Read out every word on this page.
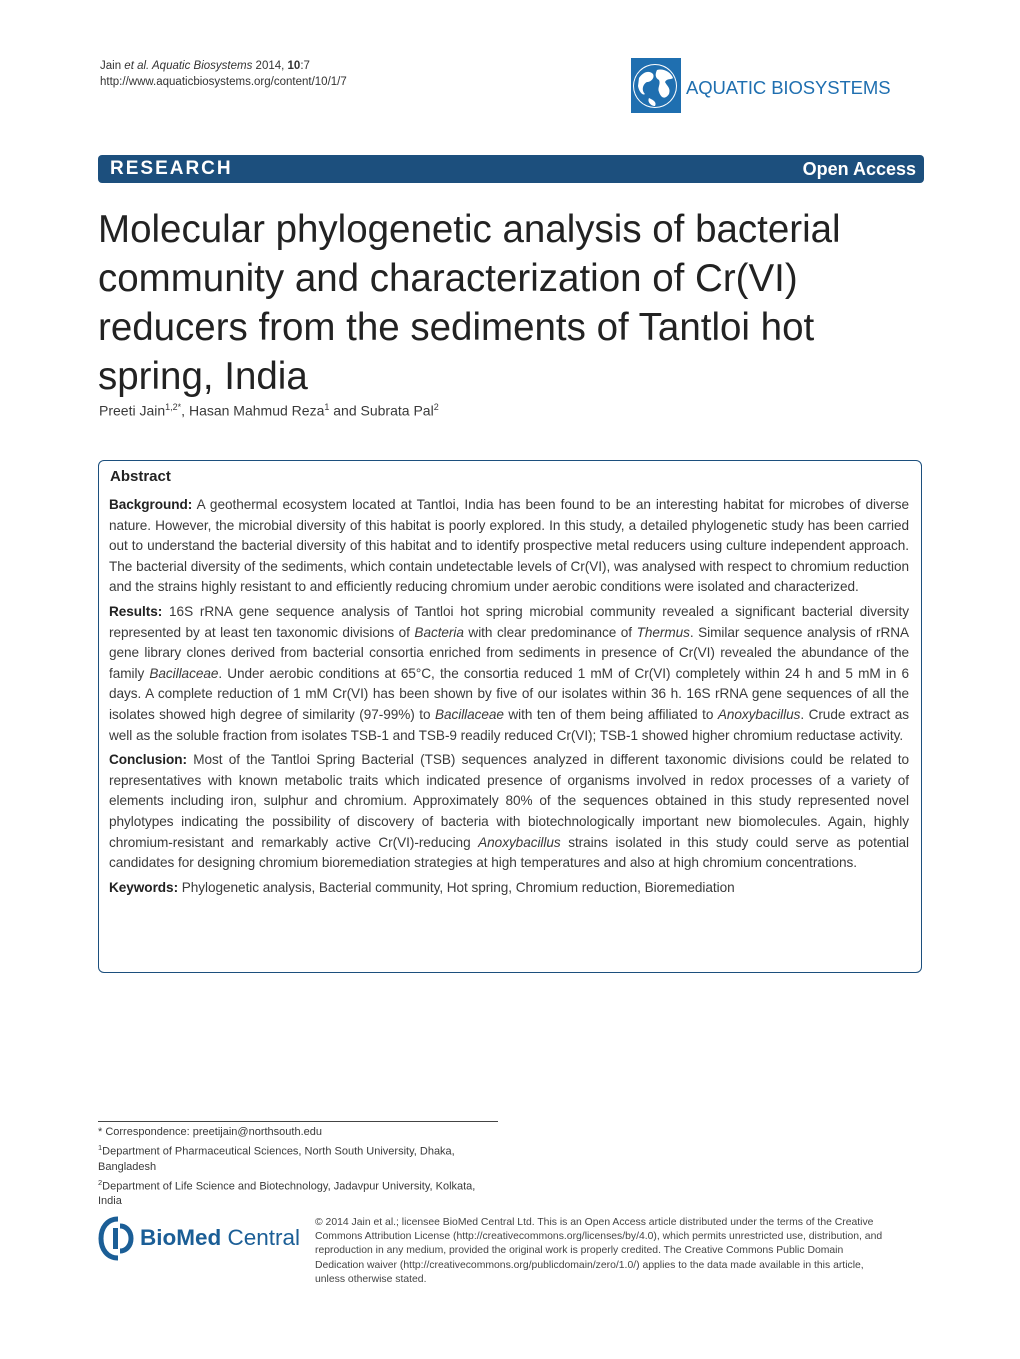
Jain et al. Aquatic Biosystems 2014, 10:7
http://www.aquaticbiosystems.org/content/10/1/7	AQUATIC BIOSYSTEMS
RESEARCH	Open Access
Molecular phylogenetic analysis of bacterial community and characterization of Cr(VI) reducers from the sediments of Tantloi hot spring, India
Preeti Jain$^{1,2*}$, Hasan Mahmud Reza$^1$ and Subrata Pal$^2$
Abstract

Background: A geothermal ecosystem located at Tantloi, India has been found to be an interesting habitat for microbes of diverse nature. However, the microbial diversity of this habitat is poorly explored. In this study, a detailed phylogenetic study has been carried out to understand the bacterial diversity of this habitat and to identify prospective metal reducers using culture independent approach. The bacterial diversity of the sediments, which contain undetectable levels of Cr(VI), was analysed with respect to chromium reduction and the strains highly resistant to and efficiently reducing chromium under aerobic conditions were isolated and characterized.

Results: 16S rRNA gene sequence analysis of Tantloi hot spring microbial community revealed a significant bacterial diversity represented by at least ten taxonomic divisions of Bacteria with clear predominance of Thermus. Similar sequence analysis of rRNA gene library clones derived from bacterial consortia enriched from sediments in presence of Cr(VI) revealed the abundance of the family Bacillaceae. Under aerobic conditions at 65°C, the consortia reduced 1 mM of Cr(VI) completely within 24 h and 5 mM in 6 days. A complete reduction of 1 mM Cr(VI) has been shown by five of our isolates within 36 h. 16S rRNA gene sequences of all the isolates showed high degree of similarity (97-99%) to Bacillaceae with ten of them being affiliated to Anoxybacillus. Crude extract as well as the soluble fraction from isolates TSB-1 and TSB-9 readily reduced Cr(VI); TSB-1 showed higher chromium reductase activity.

Conclusion: Most of the Tantloi Spring Bacterial (TSB) sequences analyzed in different taxonomic divisions could be related to representatives with known metabolic traits which indicated presence of organisms involved in redox processes of a variety of elements including iron, sulphur and chromium. Approximately 80% of the sequences obtained in this study represented novel phylotypes indicating the possibility of discovery of bacteria with biotechnologically important new biomolecules. Again, highly chromium-resistant and remarkably active Cr(VI)-reducing Anoxybacillus strains isolated in this study could serve as potential candidates for designing chromium bioremediation strategies at high temperatures and also at high chromium concentrations.

Keywords: Phylogenetic analysis, Bacterial community, Hot spring, Chromium reduction, Bioremediation

* Correspondence: preetijain@northsouth.edu
$^1$Department of Pharmaceutical Sciences, North South University, Dhaka, Bangladesh
$^2$Department of Life Science and Biotechnology, Jadavpur University, Kolkata, India
BioMed Central
© 2014 Jain et al.; licensee BioMed Central Ltd. This is an Open Access article distributed under the terms of the Creative Commons Attribution License (http://creativecommons.org/licenses/by/4.0), which permits unrestricted use, distribution, and reproduction in any medium, provided the original work is properly credited. The Creative Commons Public Domain Dedication waiver (http://creativecommons.org/publicdomain/zero/1.0/) applies to the data made available in this article, unless otherwise stated.
